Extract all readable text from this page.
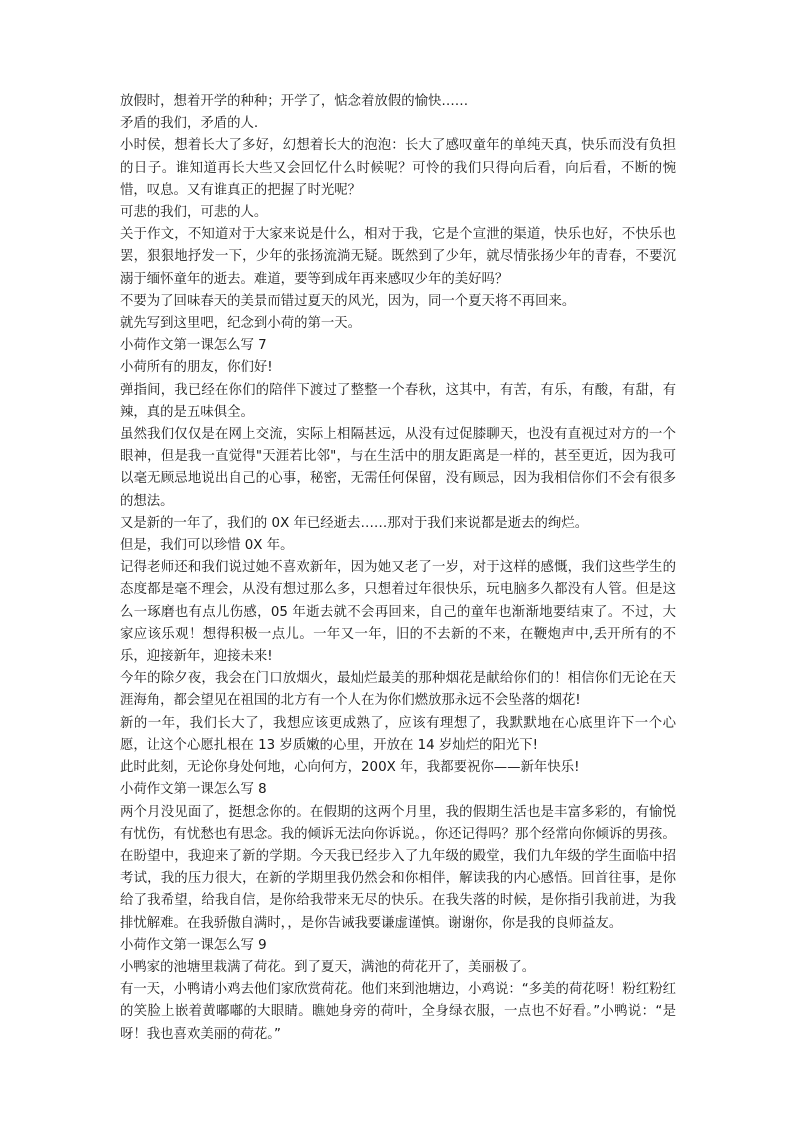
放假时，想着开学的种种；开学了，惦念着放假的愉快……

矛盾的我们，矛盾的人.

小时侯，想着长大了多好，幻想着长大的泡泡：长大了感叹童年的单纯天真，快乐而没有负担的日子。谁知道再长大些又会回忆什么时候呢？可怜的我们只得向后看，向后看，不断的惋惜，叹息。又有谁真正的把握了时光呢？

可悲的我们，可悲的人。

关于作文，不知道对于大家来说是什么，相对于我，它是个宣泄的渠道，快乐也好，不快乐也罢，狠狠地抒发一下，少年的张扬流淌无疑。既然到了少年，就尽情张扬少年的青春，不要沉溺于缅怀童年的逝去。难道，要等到成年再来感叹少年的美好吗？

不要为了回味春天的美景而错过夏天的风光，因为，同一个夏天将不再回来。

就先写到这里吧，纪念到小荷的第一天。

小荷作文第一课怎么写 7

小荷所有的朋友，你们好!

弹指间，我已经在你们的陪伴下渡过了整整一个春秋，这其中，有苦，有乐，有酸，有甜，有辣，真的是五味俱全。

虽然我们仅仅是在网上交流，实际上相隔甚远，从没有过促膝聊天，也没有直视过对方的一个眼神，但是我一直觉得"天涯若比邻"，与在生活中的朋友距离是一样的，甚至更近，因为我可以毫无顾忌地说出自己的心事，秘密，无需任何保留，没有顾忌，因为我相信你们不会有很多的想法。

又是新的一年了，我们的 0X 年已经逝去……那对于我们来说都是逝去的绚烂。

但是，我们可以珍惜 0X 年。

记得老师还和我们说过她不喜欢新年，因为她又老了一岁，对于这样的感慨，我们这些学生的态度都是毫不理会，从没有想过那么多，只想着过年很快乐，玩电脑多久都没有人管。但是这么一琢磨也有点儿伤感，05 年逝去就不会再回来，自己的童年也渐渐地要结束了。不过，大家应该乐观！想得积极一点儿。一年又一年，旧的不去新的不来，在鞭炮声中,丢开所有的不乐，迎接新年，迎接未来!

今年的除夕夜，我会在门口放烟火，最灿烂最美的那种烟花是献给你们的！相信你们无论在天涯海角，都会望见在祖国的北方有一个人在为你们燃放那永远不会坠落的烟花!

新的一年，我们长大了，我想应该更成熟了，应该有理想了，我默默地在心底里许下一个心愿，让这个心愿扎根在 13 岁质嫩的心里，开放在 14 岁灿烂的阳光下!

此时此刻，无论你身处何地，心向何方，200X 年，我都要祝你——新年快乐!

小荷作文第一课怎么写 8

两个月没见面了，挺想念你的。在假期的这两个月里，我的假期生活也是丰富多彩的，有愉悦有忧伤，有忧愁也有思念。我的倾诉无法向你诉说。，你还记得吗？那个经常向你倾诉的男孩。

在盼望中，我迎来了新的学期。今天我已经步入了九年级的殿堂，我们九年级的学生面临中招考试，我的压力很大，在新的学期里我仍然会和你相伴，解读我的内心感悟。回首往事，是你给了我希望，给我自信，是你给我带来无尽的快乐。在我失落的时候，是你指引我前进，为我排忧解难。在我骄傲自满时，，是你告诫我要谦虚谨慎。谢谢你，你是我的良师益友。

小荷作文第一课怎么写 9

小鸭家的池塘里栽满了荷花。到了夏天，满池的荷花开了，美丽极了。

有一天，小鸭请小鸡去他们家欣赏荷花。他们来到池塘边，小鸡说：“多美的荷花呀！粉红粉红的笑脸上嵌着黄嘟嘟的大眼睛。瞧她身旁的荷叶，全身绿衣服，一点也不好看。”小鸭说：“是呀！我也喜欢美丽的荷花。”
